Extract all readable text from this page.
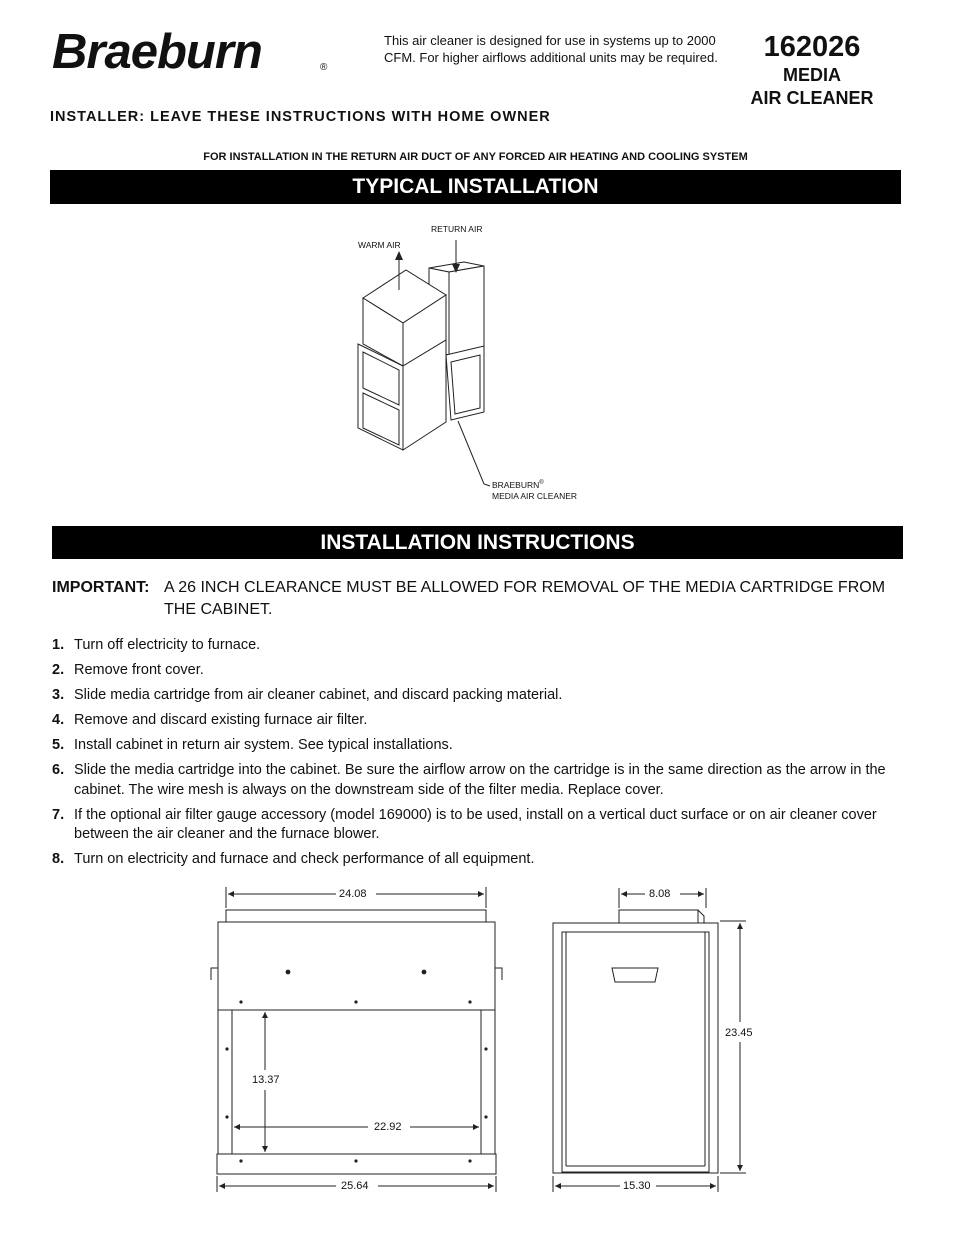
Braeburn	®
This air cleaner is designed for use in systems up to 2000 CFM. For higher airflows additional units may be required.	162026
MEDIA
AIR CLEANER
INSTALLER: LEAVE THESE INSTRUCTIONS WITH HOME OWNER
FOR INSTALLATION IN THE RETURN AIR DUCT OF ANY FORCED AIR HEATING AND COOLING SYSTEM
TYPICAL INSTALLATION
WARM AIR
RETURN AIR
BRAEBURN®
MEDIA AIR CLEANER
INSTALLATION INSTRUCTIONS
IMPORTANT: A 26 INCH CLEARANCE MUST BE ALLOWED FOR REMOVAL OF THE MEDIA CARTRIDGE FROM THE CABINET.
1. Turn off electricity to furnace.
2. Remove front cover.
3. Slide media cartridge from air cleaner cabinet, and discard packing material.
4. Remove and discard existing furnace air filter.
5. Install cabinet in return air system. See typical installations.
6. Slide the media cartridge into the cabinet. Be sure the airflow arrow on the cartridge is in the same direction as the arrow in the cabinet. The wire mesh is always on the downstream side of the filter media. Replace cover.
7. If the optional air filter gauge accessory (model 169000) is to be used, install on a vertical duct surface or on air cleaner cover between the air cleaner and the furnace blower.
8. Turn on electricity and furnace and check performance of all equipment.
24.08
13.37
22.92
25.64
8.08
23.45
15.30
